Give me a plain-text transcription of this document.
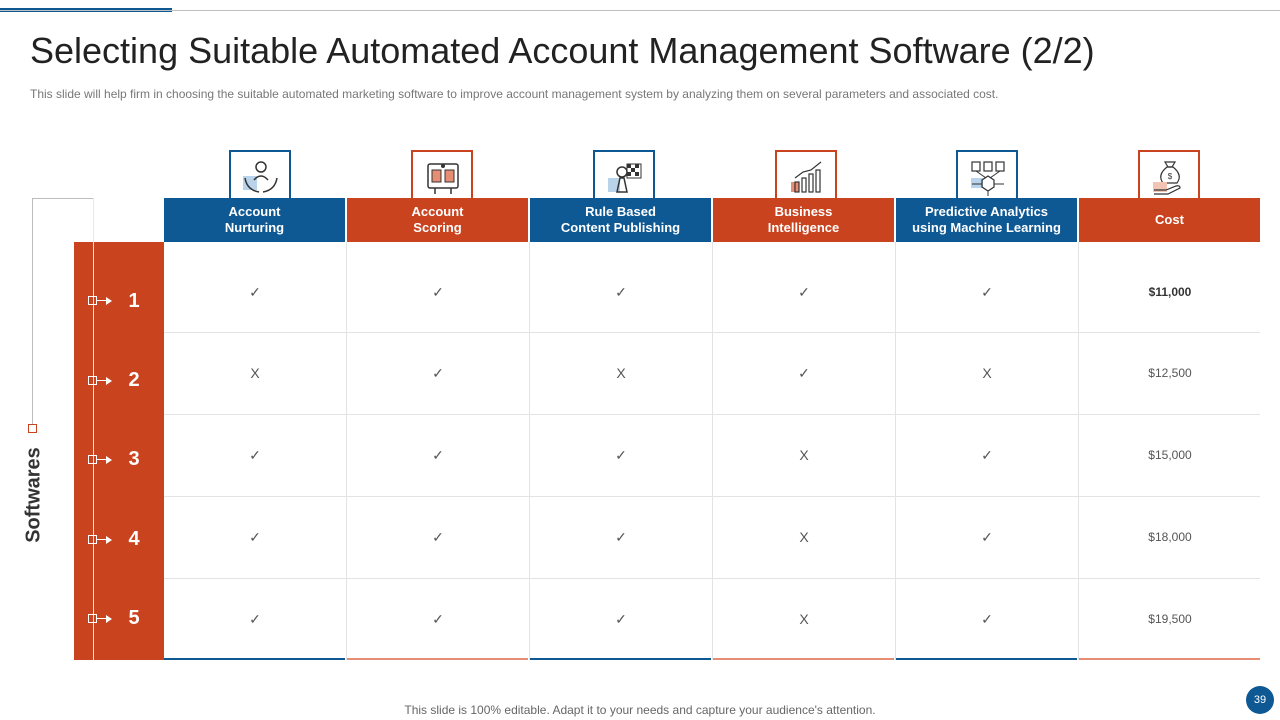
Selecting Suitable Automated Account Management Software (2/2)
This slide will help firm in choosing the suitable automated marketing software to improve account management system by analyzing them on several parameters and associated cost.
$
Account
Nurturing
Account
Scoring
Rule Based
Content Publishing
Business
Intelligence
Predictive Analytics
using Machine Learning
Cost
Softwares
1
2
3
4
5
✓	✓	✓	✓	✓	$11,000
X	✓	X	✓	X	$12,500
✓	✓	✓	X	✓	$15,000
✓	✓	✓	X	✓	$18,000
✓	✓	✓	X	✓	$19,500
This slide is 100% editable. Adapt it to your needs and capture your audience's attention.
39
